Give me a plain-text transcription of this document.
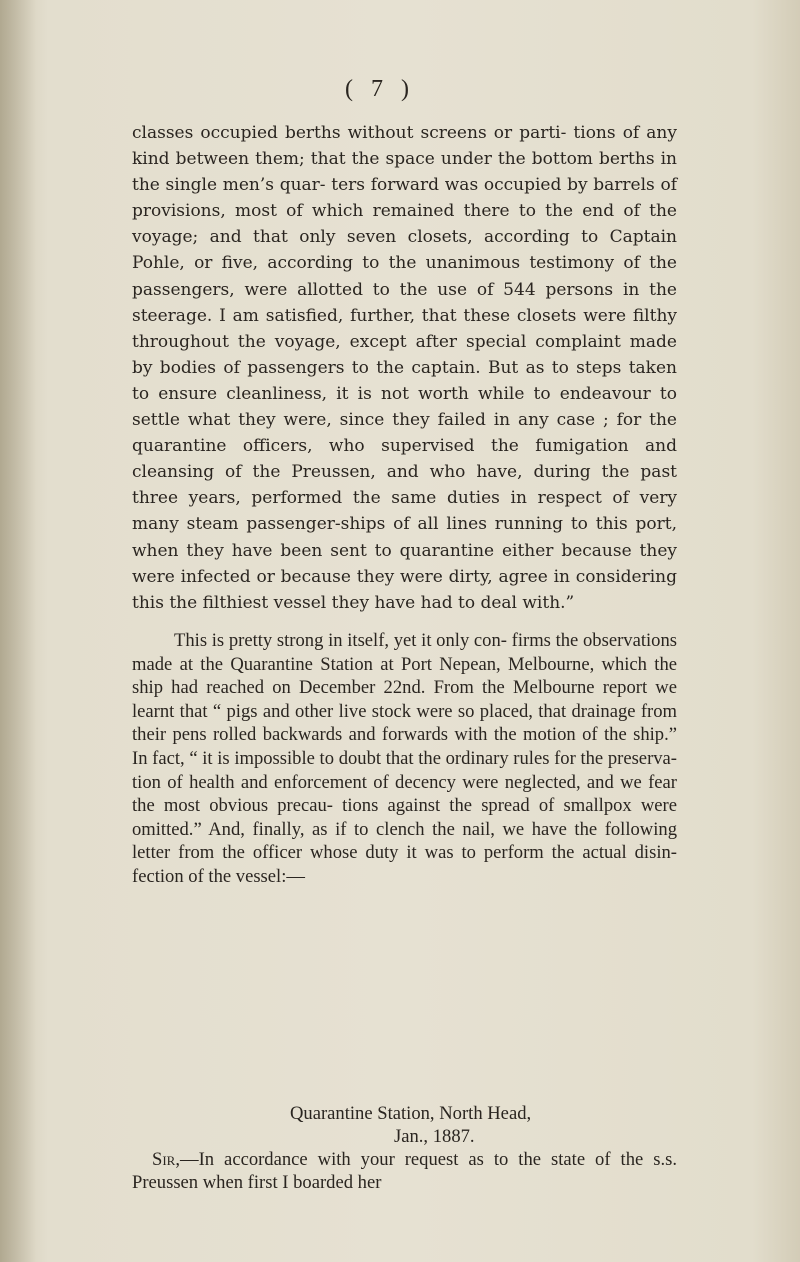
( 7 )
classes occupied berths without screens or parti- tions of any kind between them; that the space under the bottom berths in the single men’s quar- ters forward was occupied by barrels of provisions, most of which remained there to the end of the voyage; and that only seven closets, according to Captain Pohle, or five, according to the unanimous testimony of the passengers, were allotted to the use of 544 persons in the steerage. I am satisfied, further, that these closets were filthy throughout the voyage, except after special complaint made by bodies of passengers to the captain. But as to steps taken to ensure cleanliness, it is not worth while to endeavour to settle what they were, since they failed in any case ; for the quarantine officers, who supervised the fumigation and cleansing of the Preussen, and who have, during the past three years, performed the same duties in respect of very many steam passenger-ships of all lines running to this port, when they have been sent to quarantine either because they were infected or because they were dirty, agree in considering this the filthiest vessel they have had to deal with.”
This is pretty strong in itself, yet it only con- firms the observations made at the Quarantine Station at Port Nepean, Melbourne, which the ship had reached on December 22nd. From the Melbourne report we learnt that “ pigs and other live stock were so placed, that drainage from their pens rolled backwards and forwards with the motion of the ship.” In fact, “ it is impossible to doubt that the ordinary rules for the preserva- tion of health and enforcement of decency were neglected, and we fear the most obvious precau- tions against the spread of smallpox were omitted.” And, finally, as if to clench the nail, we have the following letter from the officer whose duty it was to perform the actual disin- fection of the vessel:—
Quarantine Station, North Head,
Jan., 1887.
Sir,—In accordance with your request as to the state of the s.s. Preussen when first I boarded her
